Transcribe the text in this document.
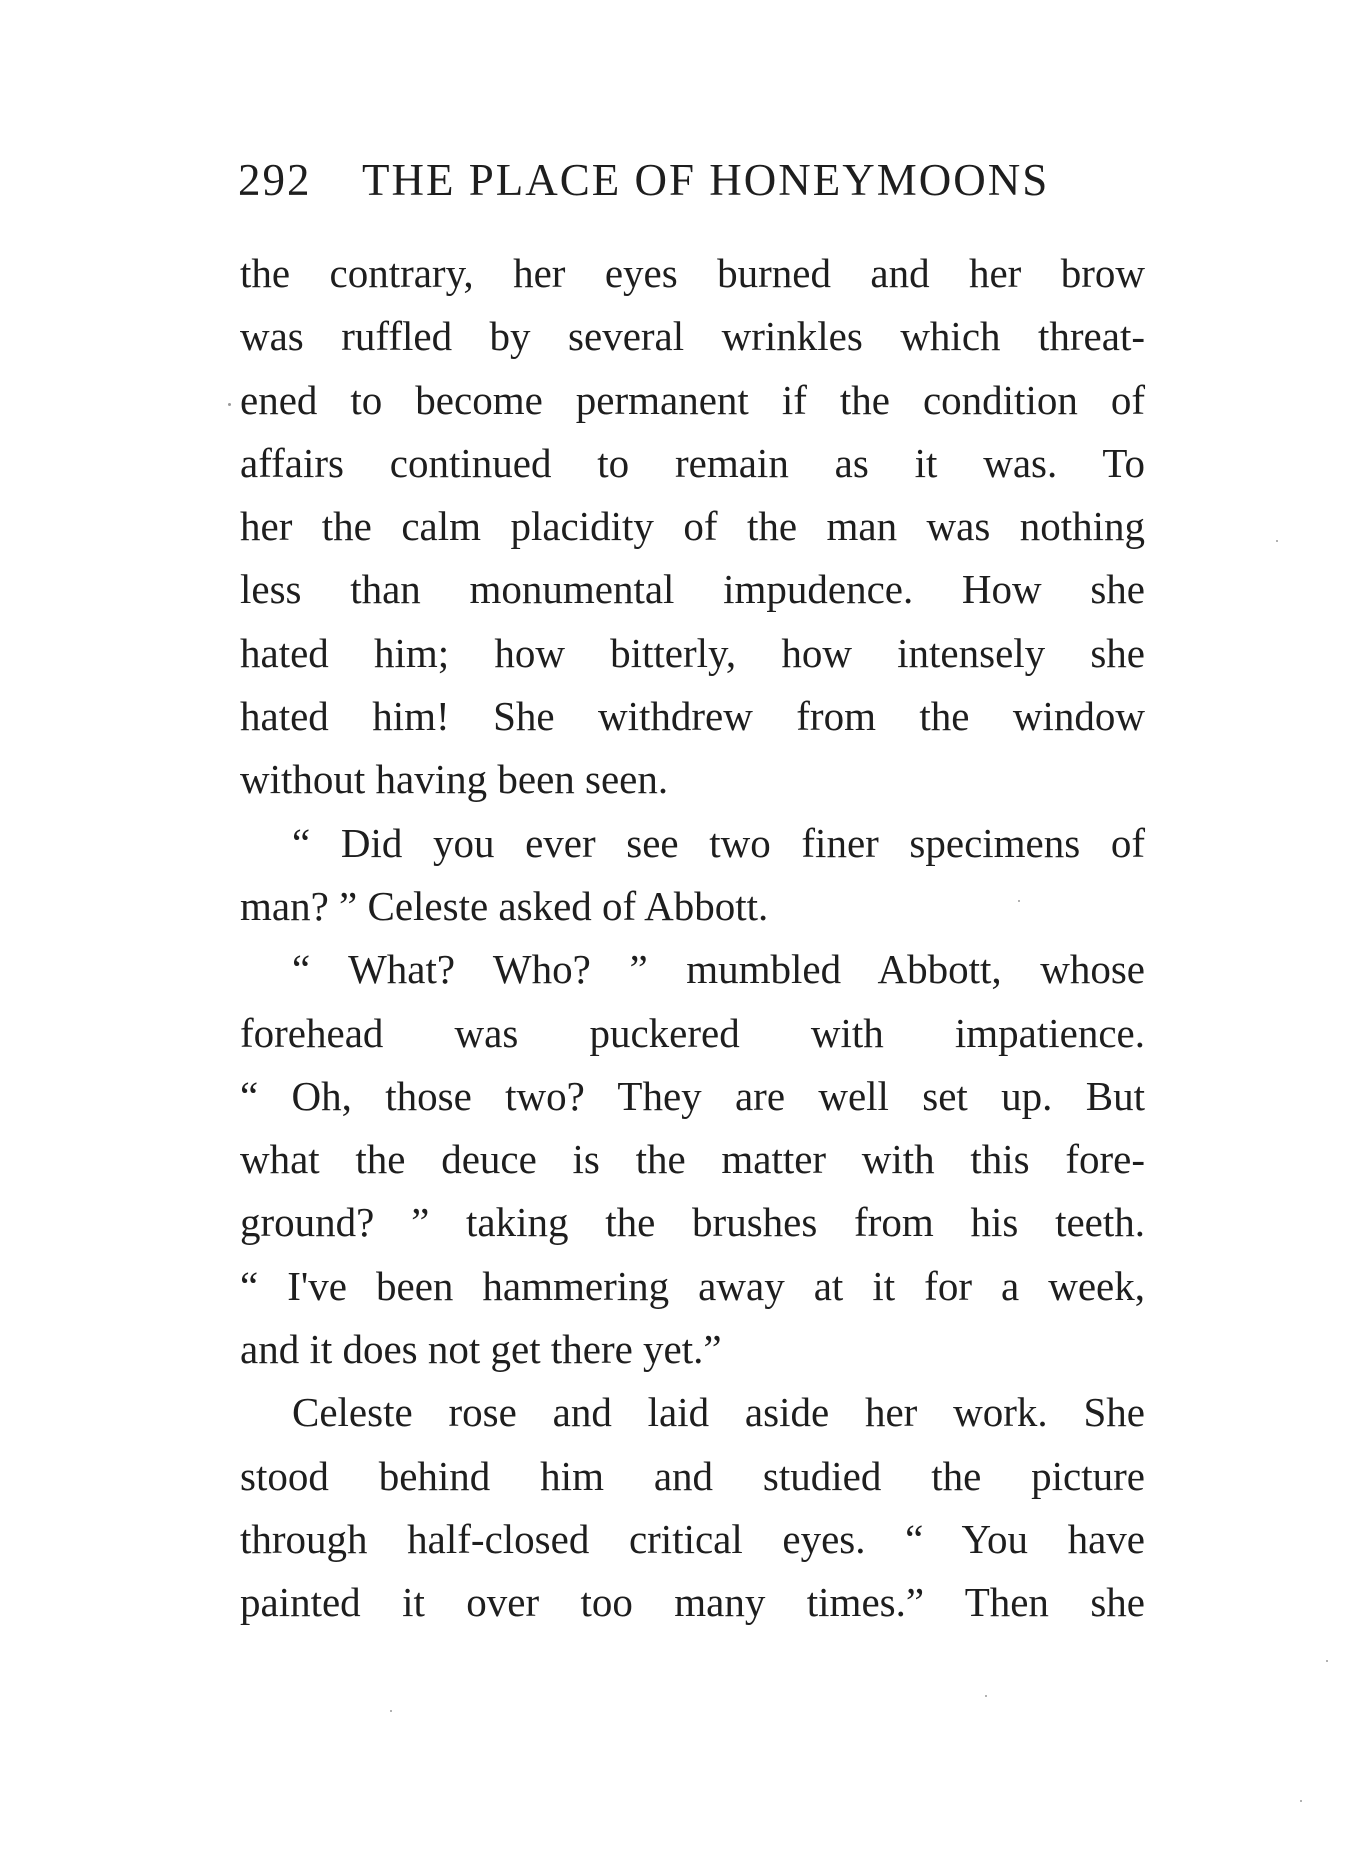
292 THE PLACE OF HONEYMOONS
the contrary, her eyes burned and her brow
was ruffled by several wrinkles which threat-
ened to become permanent if the condition of
affairs continued to remain as it was. To
her the calm placidity of the man was nothing
less than monumental impudence. How she
hated him; how bitterly, how intensely she
hated him! She withdrew from the window
without having been seen.
“ Did you ever see two finer specimens of
man? ” Celeste asked of Abbott.
“ What? Who? ” mumbled Abbott, whose
forehead was puckered with impatience.
“ Oh, those two? They are well set up. But
what the deuce is the matter with this fore-
ground? ” taking the brushes from his teeth.
“ I've been hammering away at it for a week,
and it does not get there yet.”
Celeste rose and laid aside her work. She
stood behind him and studied the picture
through half-closed critical eyes. “ You have
painted it over too many times.” Then she
